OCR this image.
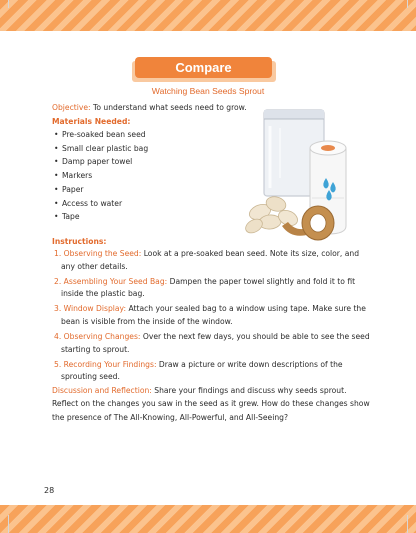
Compare
Watching Bean Seeds Sprout
Objective: To understand what seeds need to grow.
Materials Needed:
• Pre-soaked bean seed
• Small clear plastic bag
• Damp paper towel
• Markers
• Paper
• Access to water
• Tape
Instructions:
1. Observing the Seed: Look at a pre-soaked bean seed. Note its size, color, and any other details.
2. Assembling Your Seed Bag: Dampen the paper towel slightly and fold it to fit inside the plastic bag.
3. Window Display: Attach your sealed bag to a window using tape. Make sure the bean is visible from the inside of the window.
4. Observing Changes: Over the next few days, you should be able to see the seed starting to sprout.
5. Recording Your Findings: Draw a picture or write down descriptions of the sprouting seed.
Discussion and Reflection: Share your findings and discuss why seeds sprout. Reflect on the changes you saw in the seed as it grew. How do these changes show the presence of The All-Knowing, All-Powerful, and All-Seeing?
28
